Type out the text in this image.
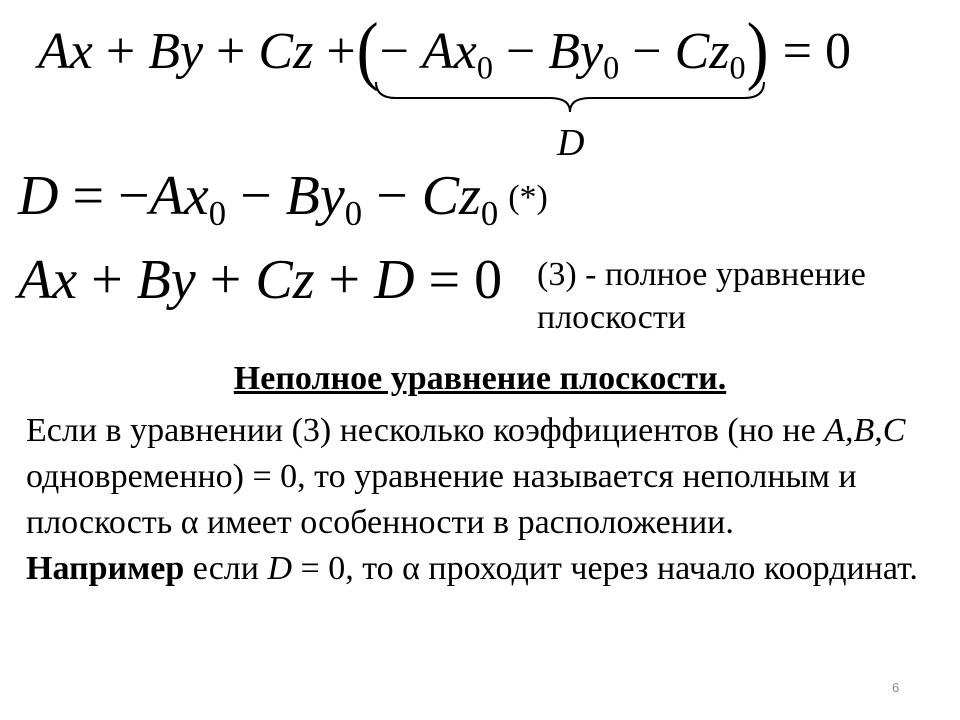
Ax + By + Cz +(− $Ax_0 - By_0 - Cz_0) = 0$
D
$D = -Ax_0 - By_0 - Cz_0$ (*)
Ax + By + Cz + D = 0 (3) - полное уравнение плоскости
Неполное уравнение плоскости.

Если в уравнении (3) несколько коэффициентов (но не A,B,C одновременно) = 0, то уравнение называется неполным и плоскость α имеет особенности в расположении.

Например если D = 0, то α проходит через начало координат.

6
